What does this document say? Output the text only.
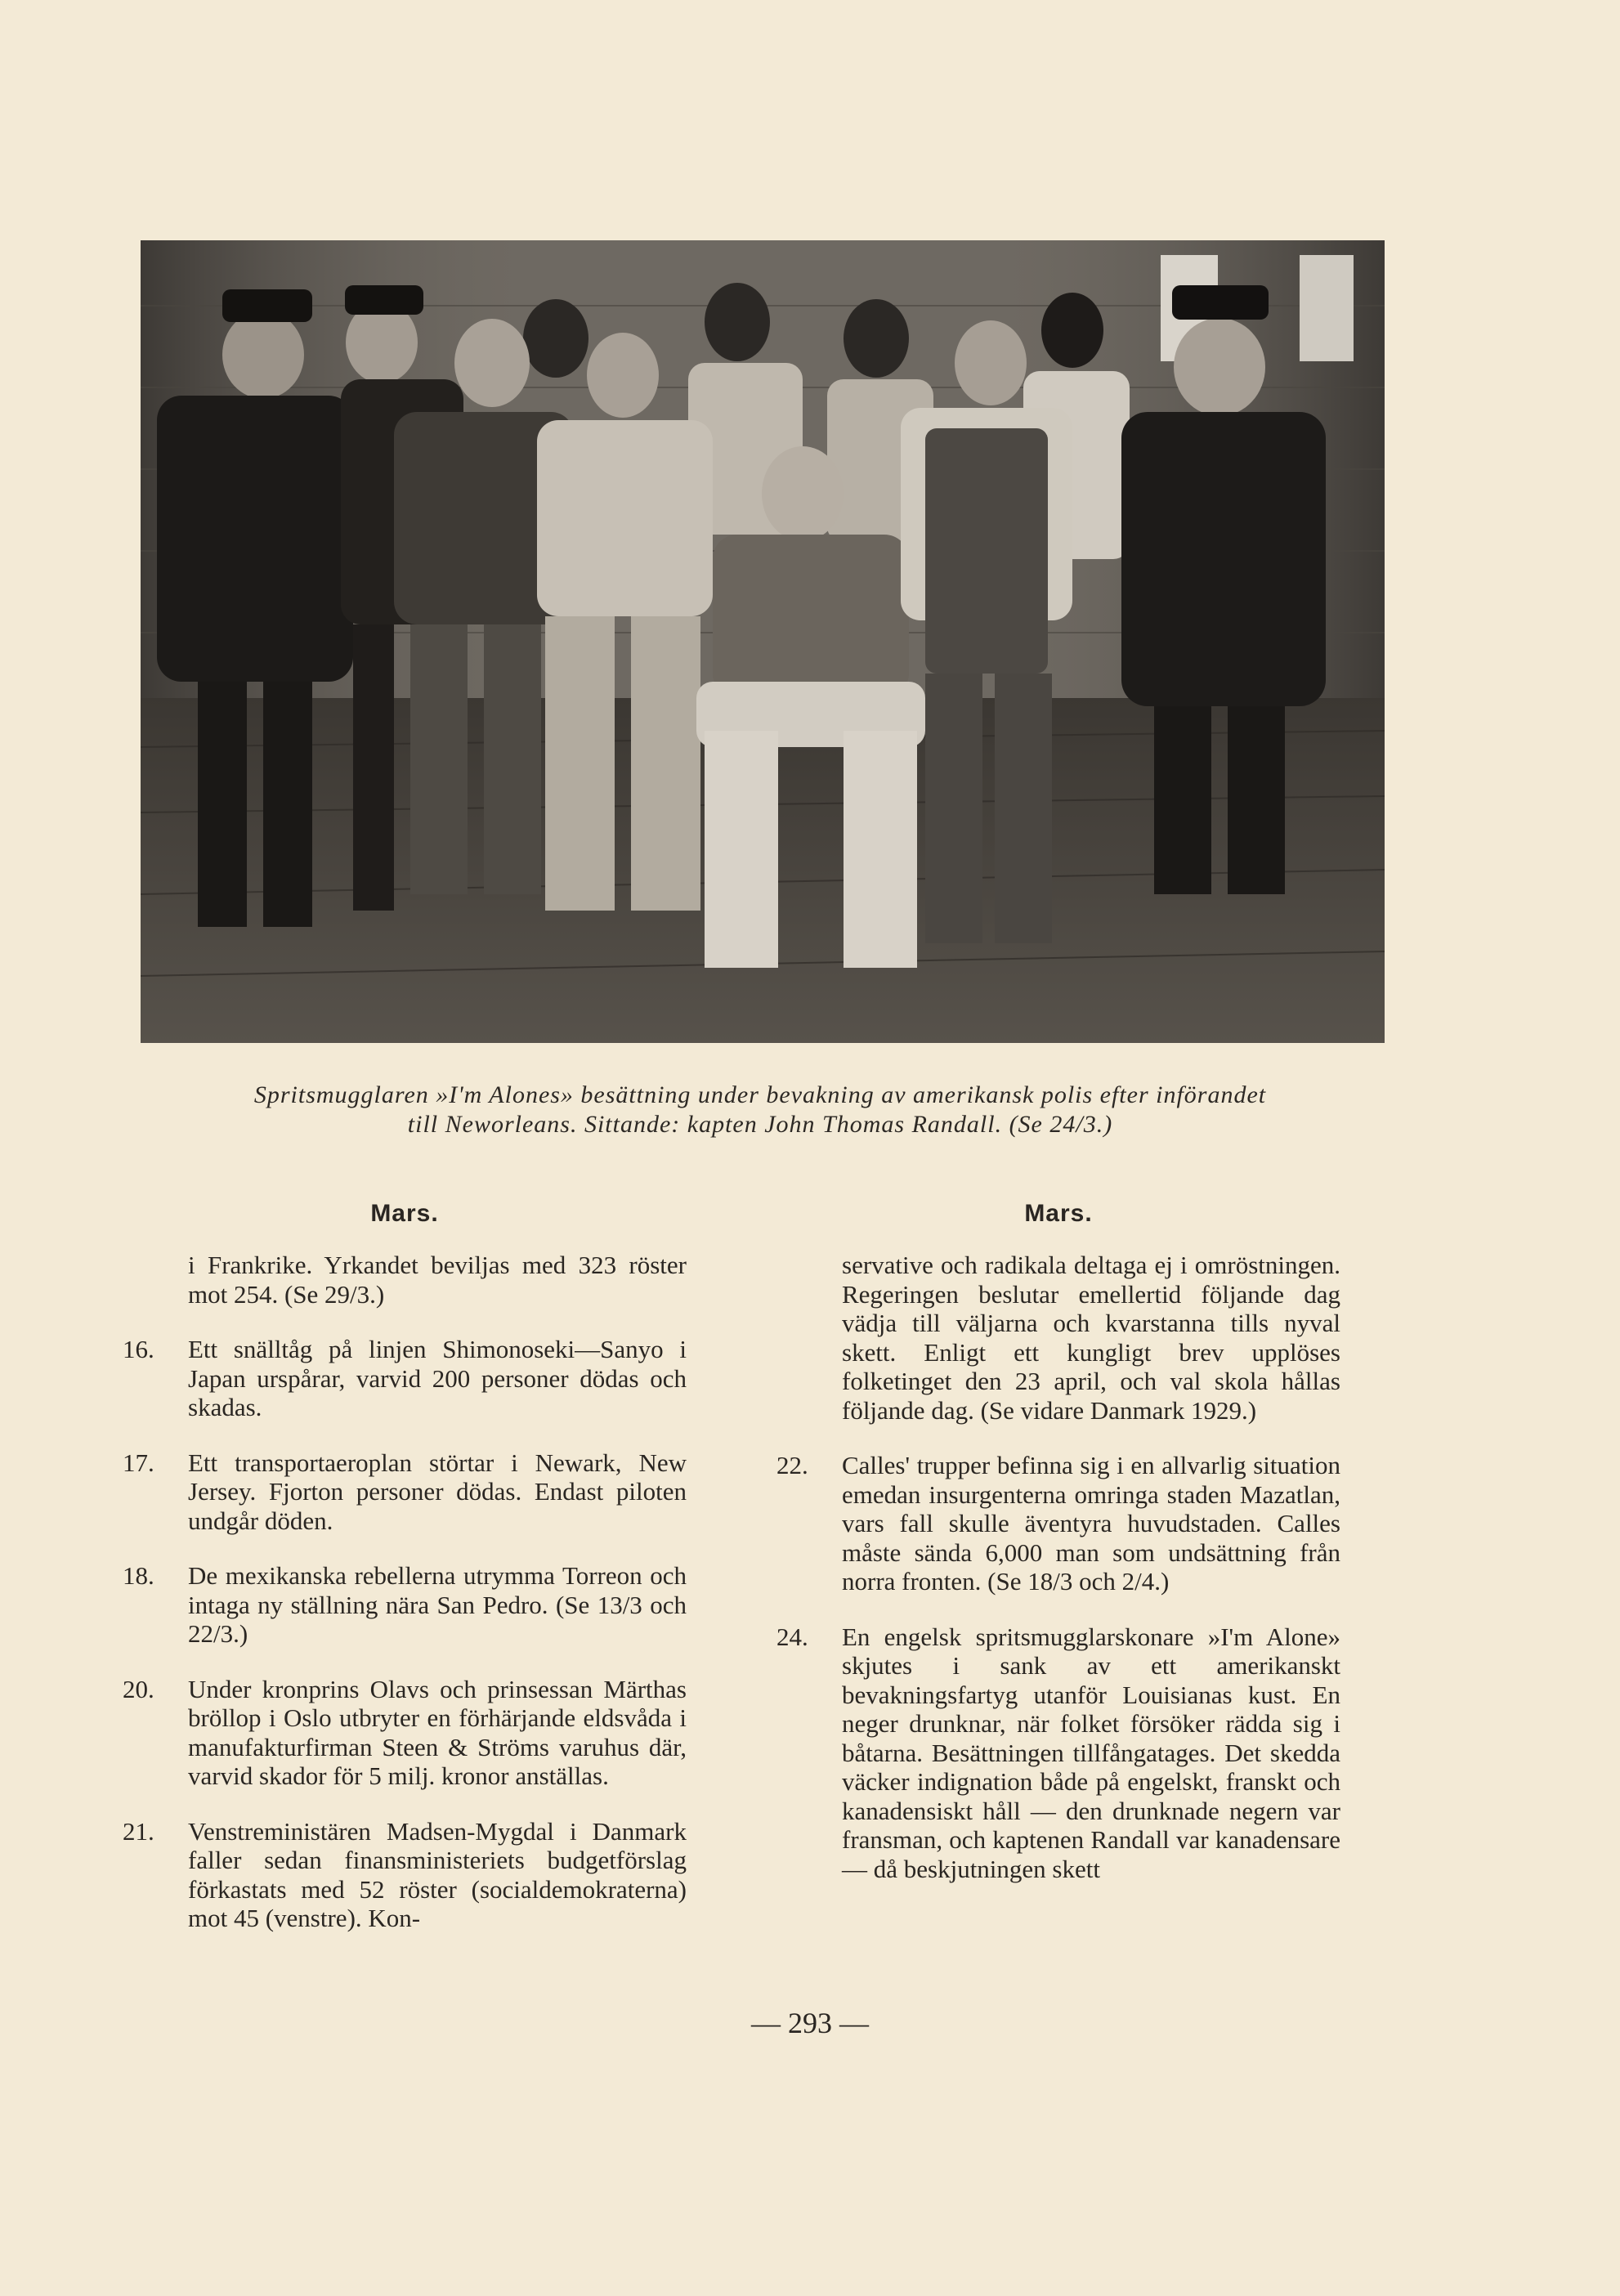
Spritsmugglaren »I'm Alones» besättning under bevakning av amerikansk polis efter införandet
till Neworleans. Sittande: kapten John Thomas Randall. (Se 24/3.)
Mars.
i Frankrike. Yrkandet beviljas med 323 röster mot 254. (Se 29/3.)
16.	Ett snälltåg på linjen Shimonoseki—Sanyo i Japan urspårar, varvid 200 personer dödas och skadas.
17.	Ett transportaeroplan störtar i Newark, New Jersey. Fjorton personer dödas. Endast piloten undgår döden.
18.	De mexikanska rebellerna utrymma Torreon och intaga ny ställning nära San Pedro. (Se 13/3 och 22/3.)
20.	Under kronprins Olavs och prinsessan Märthas bröllop i Oslo utbryter en förhärjande eldsvåda i manufakturfirman Steen & Ströms varuhus där, varvid skador för 5 milj. kronor anställas.
21.	Venstreministären Madsen-Mygdal i Danmark faller sedan finansministeriets budgetförslag förkastats med 52 röster (socialdemokraterna) mot 45 (venstre). Kon-
Mars.
servative och radikala deltaga ej i omröstningen. Regeringen beslutar emellertid följande dag vädja till väljarna och kvarstanna tills nyval skett. Enligt ett kungligt brev upplöses folketinget den 23 april, och val skola hållas följande dag. (Se vidare Danmark 1929.)
22.	Calles' trupper befinna sig i en allvarlig situation emedan insurgenterna omringa staden Mazatlan, vars fall skulle äventyra huvudstaden. Calles måste sända 6,000 man som undsättning från norra fronten. (Se 18/3 och 2/4.)
24.	En engelsk spritsmugglarskonare »I'm Alone» skjutes i sank av ett amerikanskt bevakningsfartyg utanför Louisianas kust. En neger drunknar, när folket försöker rädda sig i båtarna. Besättningen tillfångatages. Det skedda väcker indignation både på engelskt, franskt och kanadensiskt håll — den drunknade negern var fransman, och kaptenen Randall var kanadensare — då beskjutningen skett
— 293 —
